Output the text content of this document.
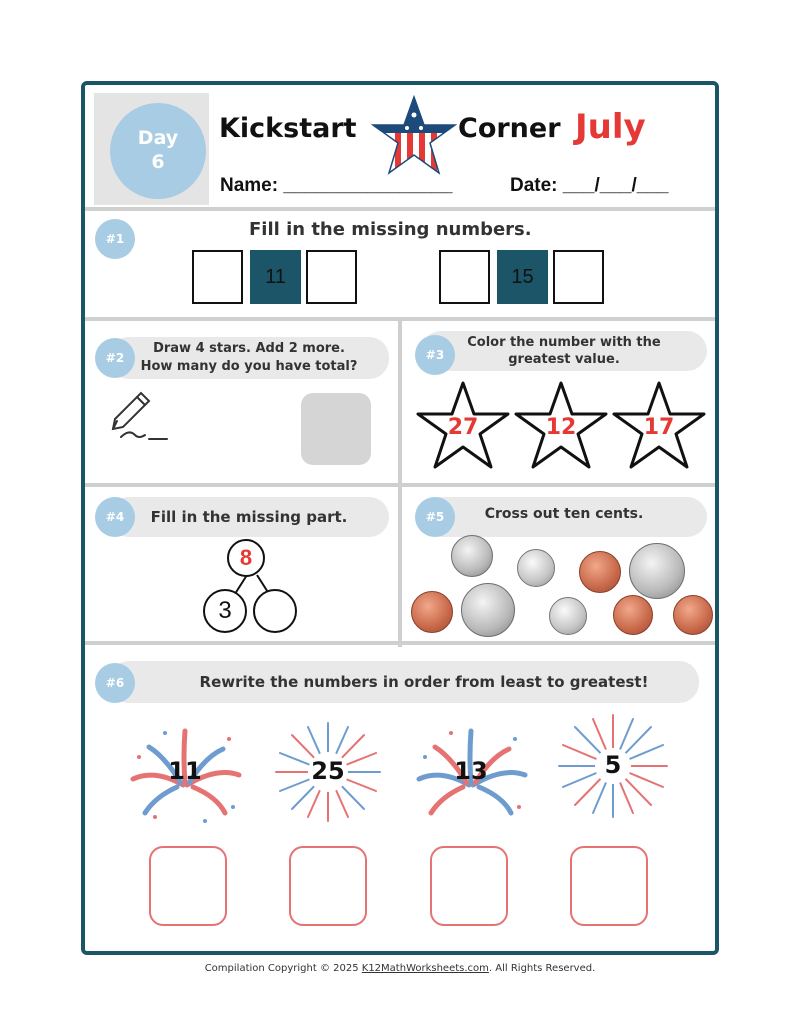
Day
6
Kickstart	Corner July
Name: ________________	Date: ___/___/___
#1	Fill in the missing numbers.
11	15
Draw 4 stars. Add 2 more.
How many do you have total?
#2
Color the number with the
greatest value.
#3
27	12	17
Fill in the missing part.
#4
8
3
Cross out ten cents.
#5
Rewrite the numbers in order from least to greatest!
#6
11	25	13	5
Compilation Copyright © 2025 K12MathWorksheets.com. All Rights Reserved.
